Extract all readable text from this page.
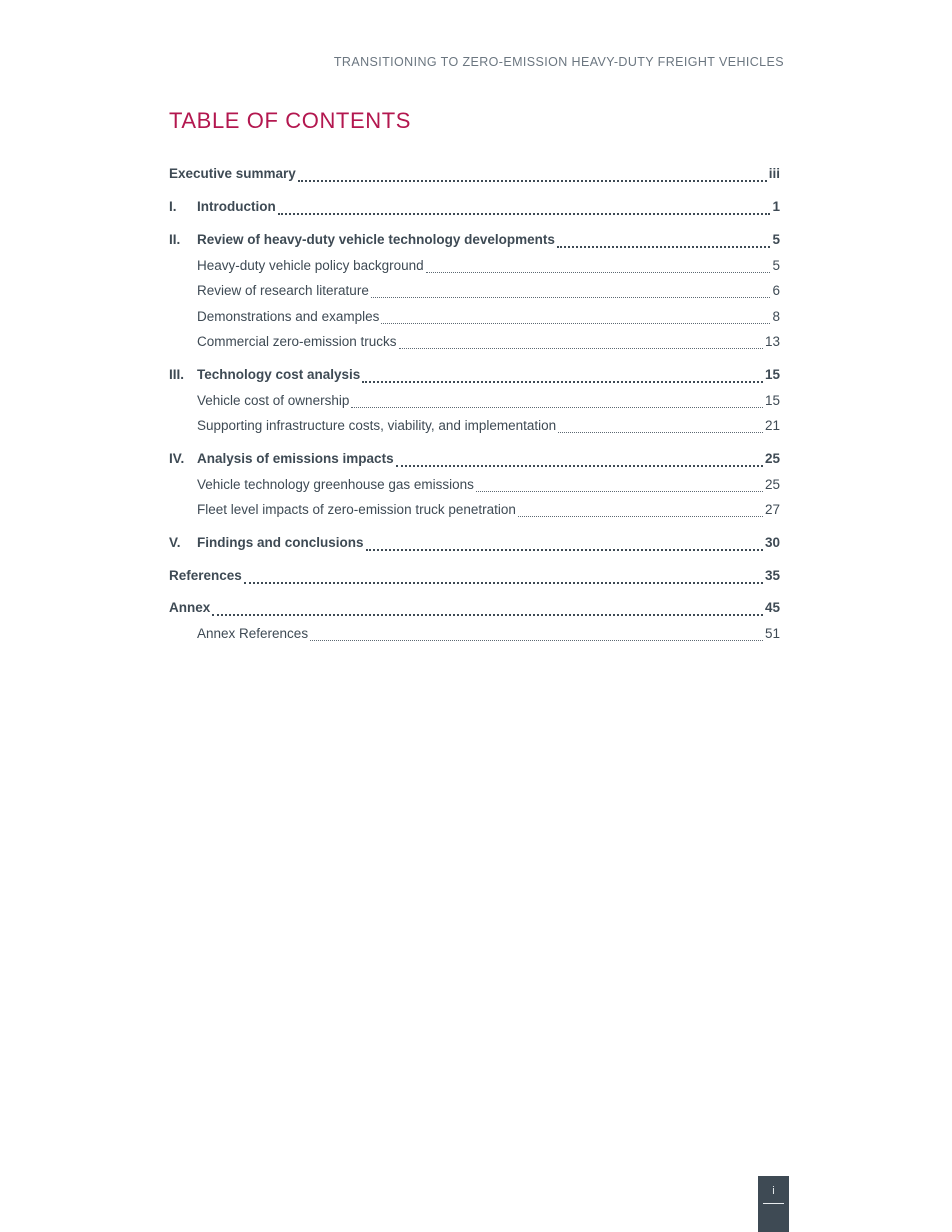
TRANSITIONING TO ZERO-EMISSION HEAVY-DUTY FREIGHT VEHICLES
TABLE OF CONTENTS
Executive summary	iii
I.	Introduction	1
II.	Review of heavy-duty vehicle technology developments	5
Heavy-duty vehicle policy background	5
Review of research literature	6
Demonstrations and examples	8
Commercial zero-emission trucks	13
III. Technology cost analysis	15
Vehicle cost of ownership	15
Supporting infrastructure costs, viability, and implementation	21
IV. Analysis of emissions impacts	25
Vehicle technology greenhouse gas emissions	25
Fleet level impacts of zero-emission truck penetration	27
V.	Findings and conclusions	30
References	35
Annex	45
Annex References	51
i
